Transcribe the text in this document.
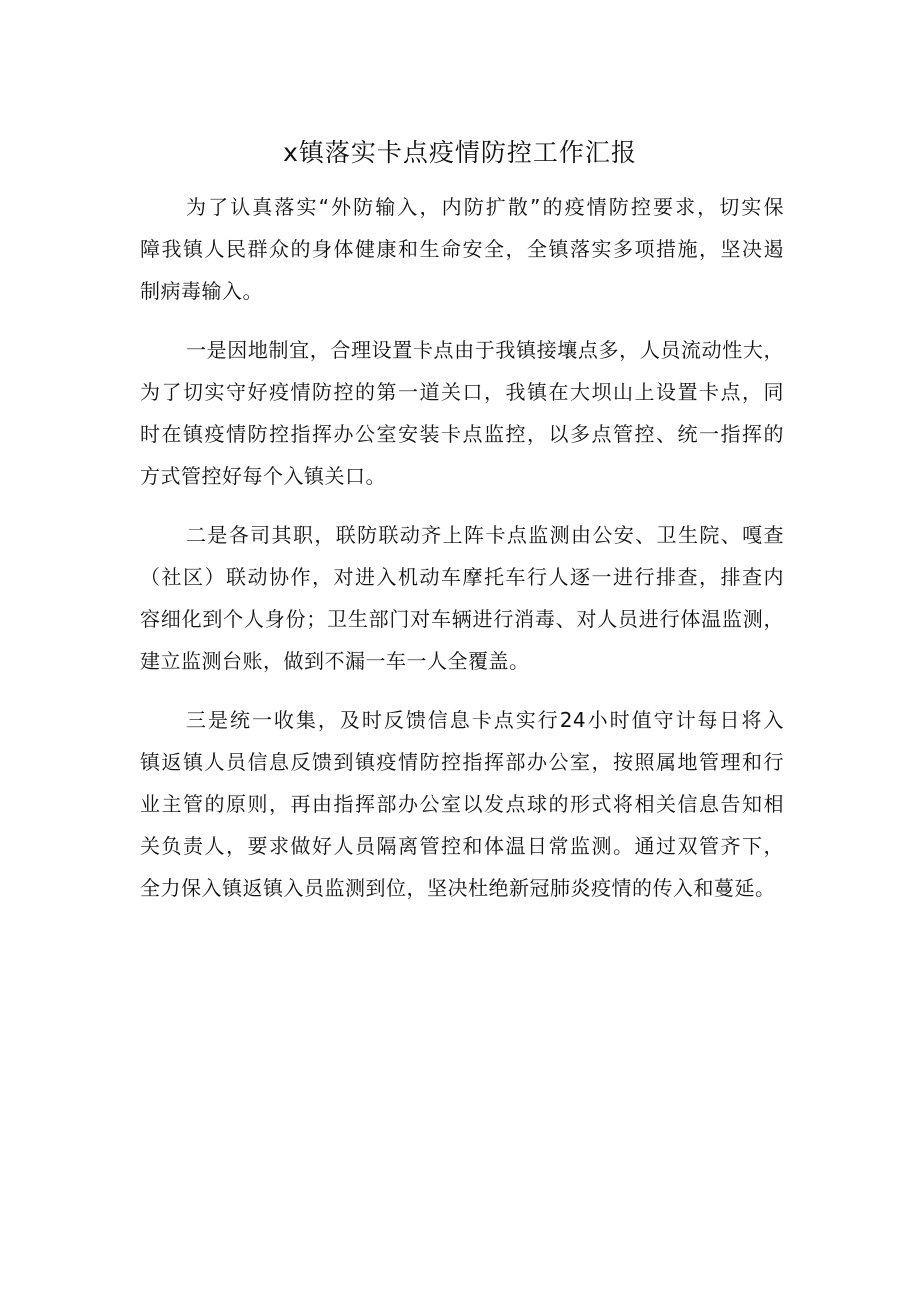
x镇落实卡点疫情防控工作汇报
为了认真落实“外防输入，内防扩散”的疫情防控要求，切实保
障我镇人民群众的身体健康和生命安全，全镇落实多项措施，坚决遏
制病毒输入。
一是因地制宜，合理设置卡点由于我镇接壤点多，人员流动性大，
为了切实守好疫情防控的第一道关口，我镇在大坝山上设置卡点，同
时在镇疫情防控指挥办公室安装卡点监控，以多点管控、统一指挥的
方式管控好每个入镇关口。
二是各司其职，联防联动齐上阵卡点监测由公安、卫生院、嘎查
（社区）联动协作，对进入机动车摩托车行人逐一进行排查，排查内
容细化到个人身份；卫生部门对车辆进行消毒、对人员进行体温监测，
建立监测台账，做到不漏一车一人全覆盖。
三是统一收集，及时反馈信息卡点实行24小时值守计每日将入
镇返镇人员信息反馈到镇疫情防控指挥部办公室，按照属地管理和行
业主管的原则，再由指挥部办公室以发点球的形式将相关信息告知相
关负责人，要求做好人员隔离管控和体温日常监测。通过双管齐下，
全力保入镇返镇入员监测到位，坚决杜绝新冠肺炎疫情的传入和蔓延。
